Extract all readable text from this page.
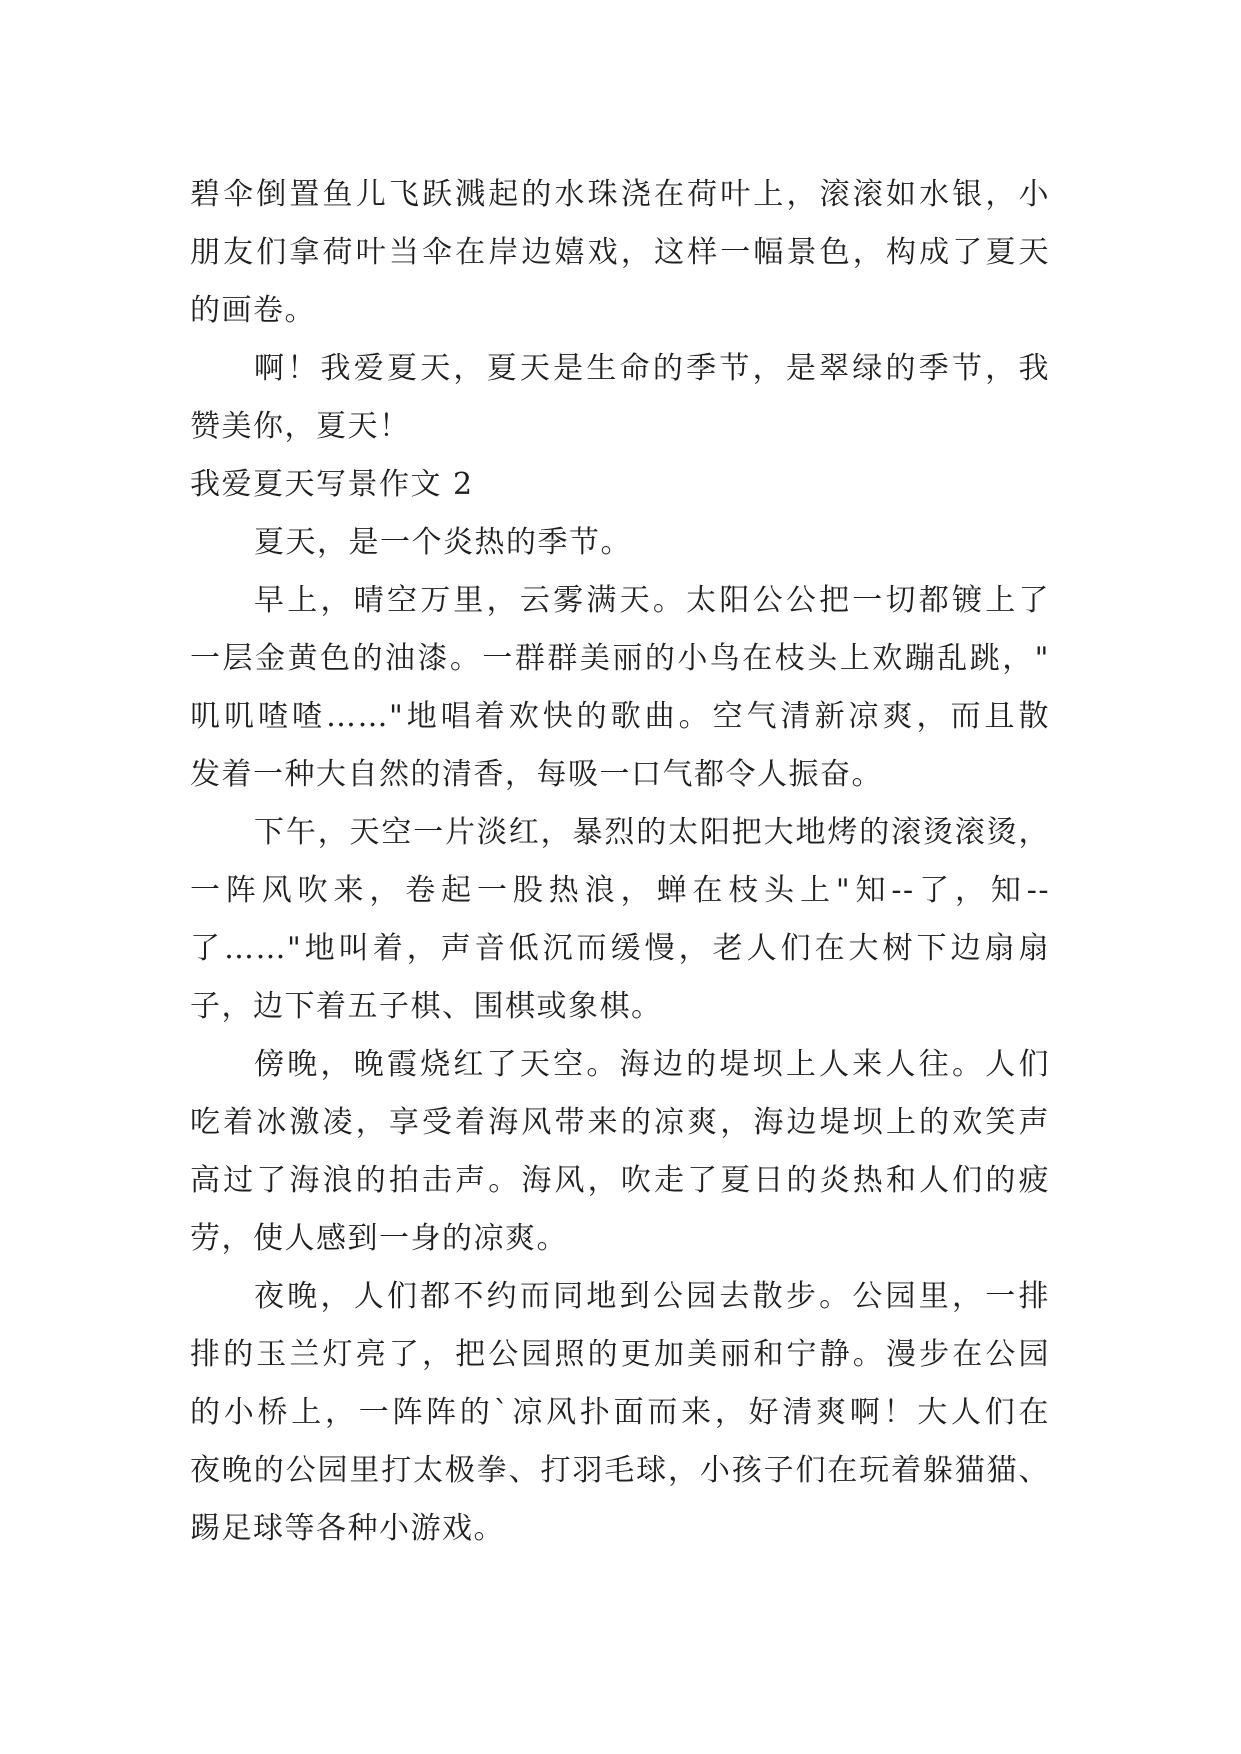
碧伞倒置鱼儿飞跃溅起的水珠浇在荷叶上，滚滚如水银，小
朋友们拿荷叶当伞在岸边嬉戏，这样一幅景色，构成了夏天
的画卷。
啊！我爱夏天，夏天是生命的季节，是翠绿的季节，我
赞美你，夏天！
我爱夏天写景作文 2
夏天，是一个炎热的季节。
早上，晴空万里，云雾满天。太阳公公把一切都镀上了
一层金黄色的油漆。一群群美丽的小鸟在枝头上欢蹦乱跳，"
叽叽喳喳……"地唱着欢快的歌曲。空气清新凉爽，而且散
发着一种大自然的清香，每吸一口气都令人振奋。
下午，天空一片淡红，暴烈的太阳把大地烤的滚烫滚烫，
一阵风吹来，卷起一股热浪，蝉在枝头上"知--了，知--
了……"地叫着，声音低沉而缓慢，老人们在大树下边扇扇
子，边下着五子棋、围棋或象棋。
傍晚，晚霞烧红了天空。海边的堤坝上人来人往。人们
吃着冰激凌，享受着海风带来的凉爽，海边堤坝上的欢笑声
高过了海浪的拍击声。海风，吹走了夏日的炎热和人们的疲
劳，使人感到一身的凉爽。
夜晚，人们都不约而同地到公园去散步。公园里，一排
排的玉兰灯亮了，把公园照的更加美丽和宁静。漫步在公园
的小桥上，一阵阵的`凉风扑面而来，好清爽啊！大人们在
夜晚的公园里打太极拳、打羽毛球，小孩子们在玩着躲猫猫、
踢足球等各种小游戏。
